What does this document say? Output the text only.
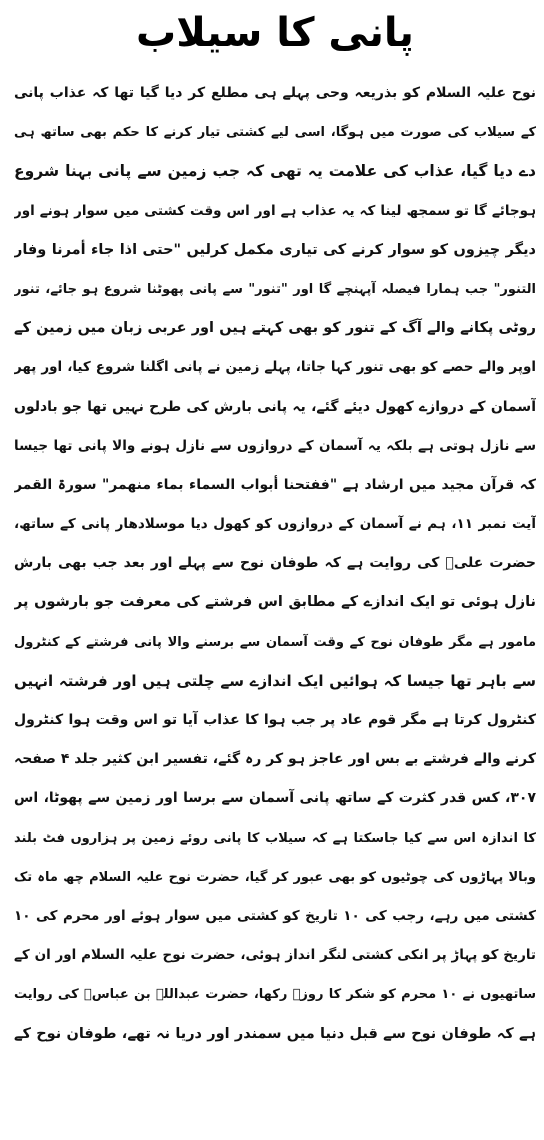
پانی کا سیلاب
نوح علیہ السلام کو بذریعہ وحی پہلے ہی مطلع کر دیا گیا تھا کہ عذاب پانی
کے سیلاب کی صورت میں ہوگا، اسی لیے کشتی تیار کرنے کا حکم بھی ساتھ ہی
دے دیا گیا، عذاب کی علامت یہ تھی کہ جب زمین سے پانی بہنا شروع
ہوجائے گا تو سمجھ لینا کہ یہ عذاب ہے اور اس وقت کشتی میں سوار ہونے اور
دیگر چیزوں کو سوار کرنے کی تیاری مکمل کرلیں "حتی اذا جاء أمرنا وفار
التنور" جب ہمارا فیصلہ آپہنچے گا اور "تنور" سے پانی پھوٹنا شروع ہو جائے، تنور
روٹی پکانے والے آگ کے تنور کو بھی کہتے ہیں اور عربی زبان میں زمین کے
اوپر والے حصے کو بھی تنور کہا جاتا، پہلے زمین نے پانی اگلنا شروع کیا، اور پھر
آسمان کے دروازے کھول دیئے گئے، یہ پانی بارش کی طرح نہیں تھا جو بادلوں
سے نازل ہوتی ہے بلکہ یہ آسمان کے دروازوں سے نازل ہونے والا پانی تھا جیسا
کہ قرآن مجید میں ارشاد ہے "ففتحنا أبواب السماء بماء منهمر" سورۃ القمر
آیت نمبر ۱۱، ہم نے آسمان کے دروازوں کو کھول دیا موسلادھار پانی کے ساتھ،
حضرت علیؓ کی روایت ہے کہ طوفان نوح سے پہلے اور بعد جب بھی بارش
نازل ہوئی تو ایک اندازے کے مطابق اس فرشتے کی معرفت جو بارشوں پر
مامور ہے مگر طوفان نوح کے وقت آسمان سے برسنے والا پانی فرشتے کے کنٹرول
سے باہر تھا جیسا کہ ہوائیں ایک اندازے سے چلتی ہیں اور فرشتہ انہیں
کنٹرول کرتا ہے مگر قوم عاد پر جب ہوا کا عذاب آیا تو اس وقت ہوا کنٹرول
کرنے والے فرشتے بے بس اور عاجز ہو کر رہ گئے، تفسیر ابن کثیر جلد ۴ صفحہ
۳۰۷، کس قدر کثرت کے ساتھ پانی آسمان سے برسا اور زمین سے پھوٹا، اس
کا اندازہ اس سے کیا جاسکتا ہے کہ سیلاب کا پانی روئے زمین پر ہزاروں فٹ بلند
وبالا پہاڑوں کی چوٹیوں کو بھی عبور کر گیا، حضرت نوح علیہ السلام چھ ماہ تک
کشتی میں رہے، رجب کی ۱۰ تاریخ کو کشتی میں سوار ہوئے اور محرم کی ۱۰
تاریخ کو پہاڑ پر انکی کشتی لنگر انداز ہوئی، حضرت نوح علیہ السلام اور ان کے
ساتھیوں نے ۱۰ محرم کو شکر کا روزہ رکھا، حضرت عبداللہ بن عباسؓ کی روایت
ہے کہ طوفان نوح سے قبل دنیا میں سمندر اور دریا نہ تھے، طوفان نوح کے
